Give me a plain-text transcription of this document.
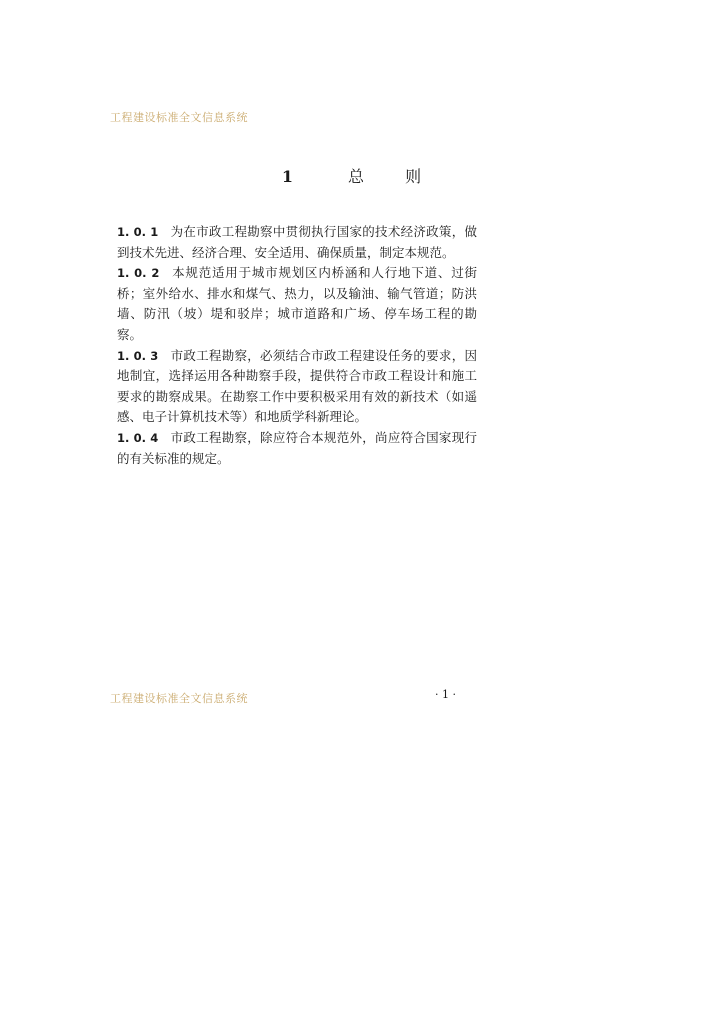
工程建设标准全文信息系统
1	总	则

1. 0. 1 为在市政工程勘察中贯彻执行国家的技术经济政策，做到技术先进、经济合理、安全适用、确保质量，制定本规范。

1. 0. 2 本规范适用于城市规划区内桥涵和人行地下道、过街桥；室外给水、排水和煤气、热力，以及输油、输气管道；防洪墙、防汛（坡）堤和驳岸；城市道路和广场、停车场工程的勘察。

1. 0. 3 市政工程勘察，必须结合市政工程建设任务的要求，因地制宜，选择运用各种勘察手段，提供符合市政工程设计和施工要求的勘察成果。在勘察工作中要积极采用有效的新技术（如遥感、电子计算机技术等）和地质学科新理论。

1. 0. 4 市政工程勘察，除应符合本规范外，尚应符合国家现行的有关标准的规定。

工程建设标准全文信息系统	· 1 ·
